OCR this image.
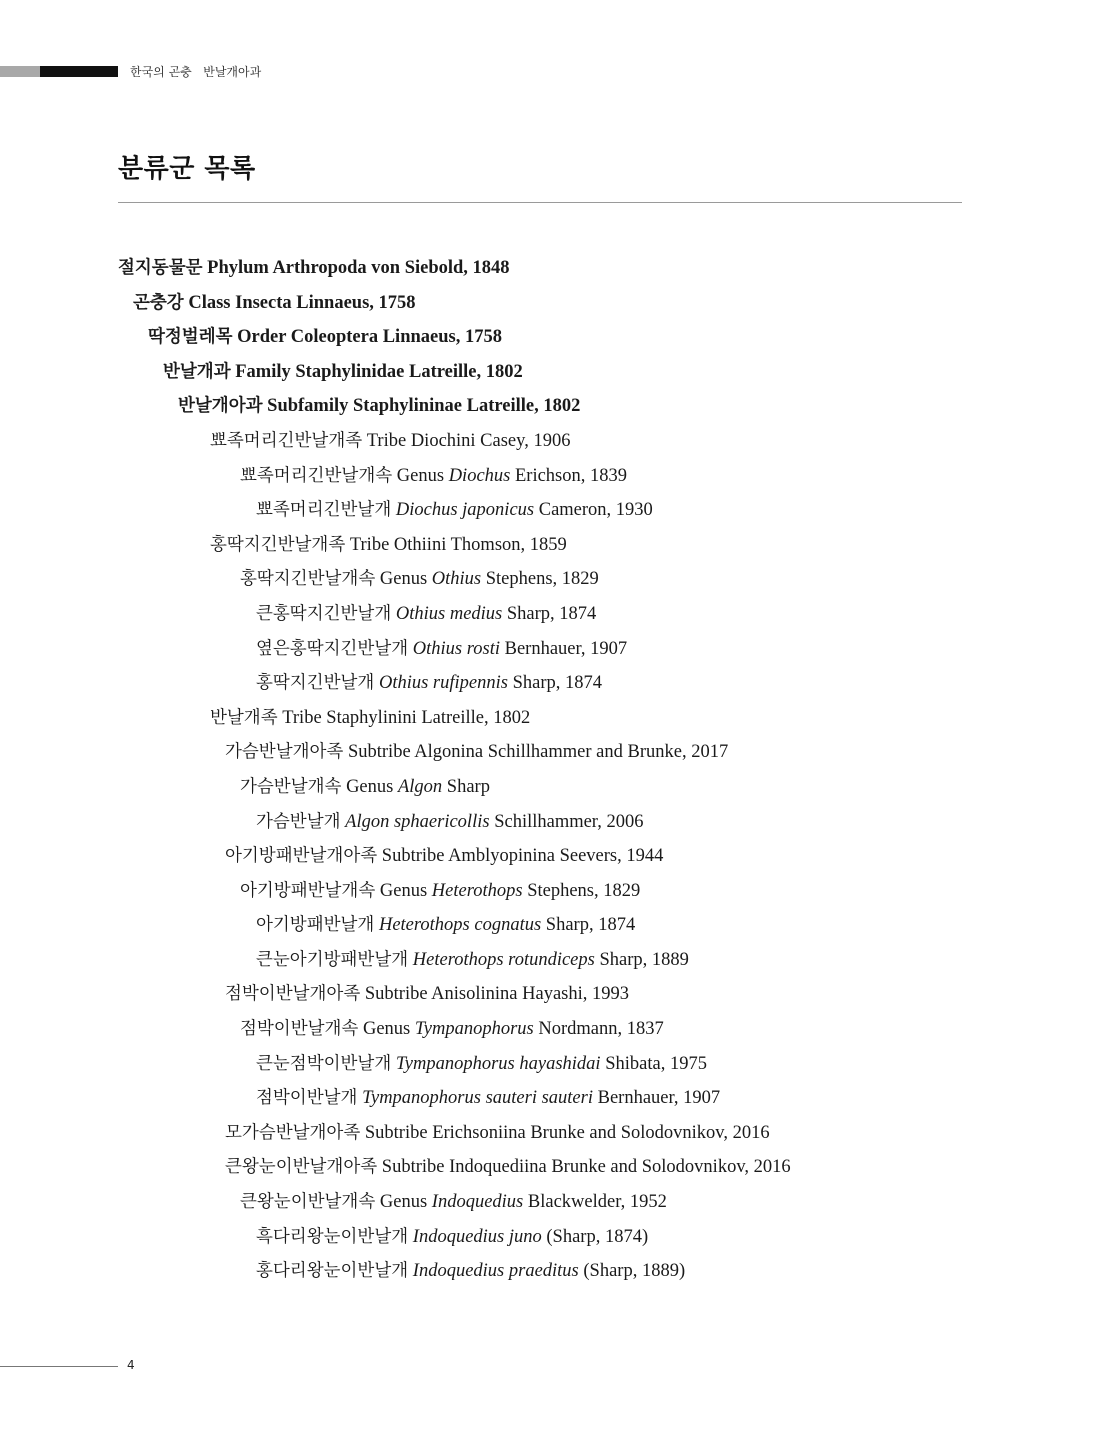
한국의 곤충 반날개아과
분류군 목록
절지동물문 Phylum Arthropoda von Siebold, 1848
곤충강 Class Insecta Linnaeus, 1758
딱정벌레목 Order Coleoptera Linnaeus, 1758
반날개과 Family Staphylinidae Latreille, 1802
반날개아과 Subfamily Staphylininae Latreille, 1802
뾰족머리긴반날개족 Tribe Diochini Casey, 1906
뾰족머리긴반날개속 Genus Diochus Erichson, 1839
뾰족머리긴반날개 Diochus japonicus Cameron, 1930
홍딱지긴반날개족 Tribe Othiini Thomson, 1859
홍딱지긴반날개속 Genus Othius Stephens, 1829
큰홍딱지긴반날개 Othius medius Sharp, 1874
옆은홍딱지긴반날개 Othius rosti Bernhauer, 1907
홍딱지긴반날개 Othius rufipennis Sharp, 1874
반날개족 Tribe Staphylinini Latreille, 1802
가슴반날개아족 Subtribe Algonina Schillhammer and Brunke, 2017
가슴반날개속 Genus Algon Sharp
가슴반날개 Algon sphaericollis Schillhammer, 2006
아기방패반날개아족 Subtribe Amblyopinina Seevers, 1944
아기방패반날개속 Genus Heterothops Stephens, 1829
아기방패반날개 Heterothops cognatus Sharp, 1874
큰눈아기방패반날개 Heterothops rotundiceps Sharp, 1889
점박이반날개아족 Subtribe Anisolinina Hayashi, 1993
점박이반날개속 Genus Tympanophorus Nordmann, 1837
큰눈점박이반날개 Tympanophorus hayashidai Shibata, 1975
점박이반날개 Tympanophorus sauteri sauteri Bernhauer, 1907
모가슴반날개아족 Subtribe Erichsoniina Brunke and Solodovnikov, 2016
큰왕눈이반날개아족 Subtribe Indoquediina Brunke and Solodovnikov, 2016
큰왕눈이반날개속 Genus Indoquedius Blackwelder, 1952
흑다리왕눈이반날개 Indoquedius juno (Sharp, 1874)
홍다리왕눈이반날개 Indoquedius praeditus (Sharp, 1889)
4
